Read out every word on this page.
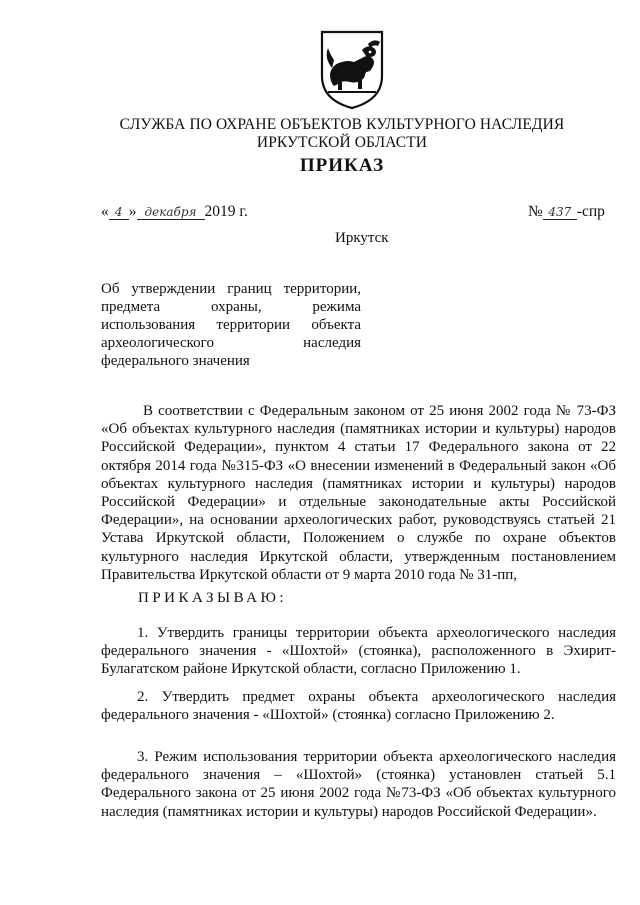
СЛУЖБА ПО ОХРАНЕ ОБЪЕКТОВ КУЛЬТУРНОГО НАСЛЕДИЯ
ИРКУТСКОЙ ОБЛАСТИ
ПРИКАЗ
« 4 » декабря 2019 г.	№ 437 -спр
Иркутск
Об утверждении границ территории,
предмета охраны, режима
использования территории объекта
археологического наследия
федерального значения
В соответствии с Федеральным законом от 25 июня 2002 года № 73-ФЗ «Об объектах культурного наследия (памятниках истории и культуры) народов Российской Федерации», пунктом 4 статьи 17 Федерального закона от 22 октября 2014 года №315-ФЗ «О внесении изменений в Федеральный закон «Об объектах культурного наследия (памятниках истории и культуры) народов Российской Федерации» и отдельные законодательные акты Российской Федерации», на основании археологических работ, руководствуясь статьей 21 Устава Иркутской области, Положением о службе по охране объектов культурного наследия Иркутской области, утвержденным постановлением Правительства Иркутской области от 9 марта 2010 года № 31-пп,
ПРИКАЗЫВАЮ:
1. Утвердить границы территории объекта археологического наследия федерального значения - «Шохтой» (стоянка), расположенного в Эхирит-Булагатском районе Иркутской области, согласно Приложению 1.
2. Утвердить предмет охраны объекта археологического наследия федерального значения - «Шохтой» (стоянка) согласно Приложению 2.
3. Режим использования территории объекта археологического наследия федерального значения – «Шохтой» (стоянка) установлен статьей 5.1 Федерального закона от 25 июня 2002 года №73-ФЗ «Об объектах культурного наследия (памятниках истории и культуры) народов Российской Федерации».
